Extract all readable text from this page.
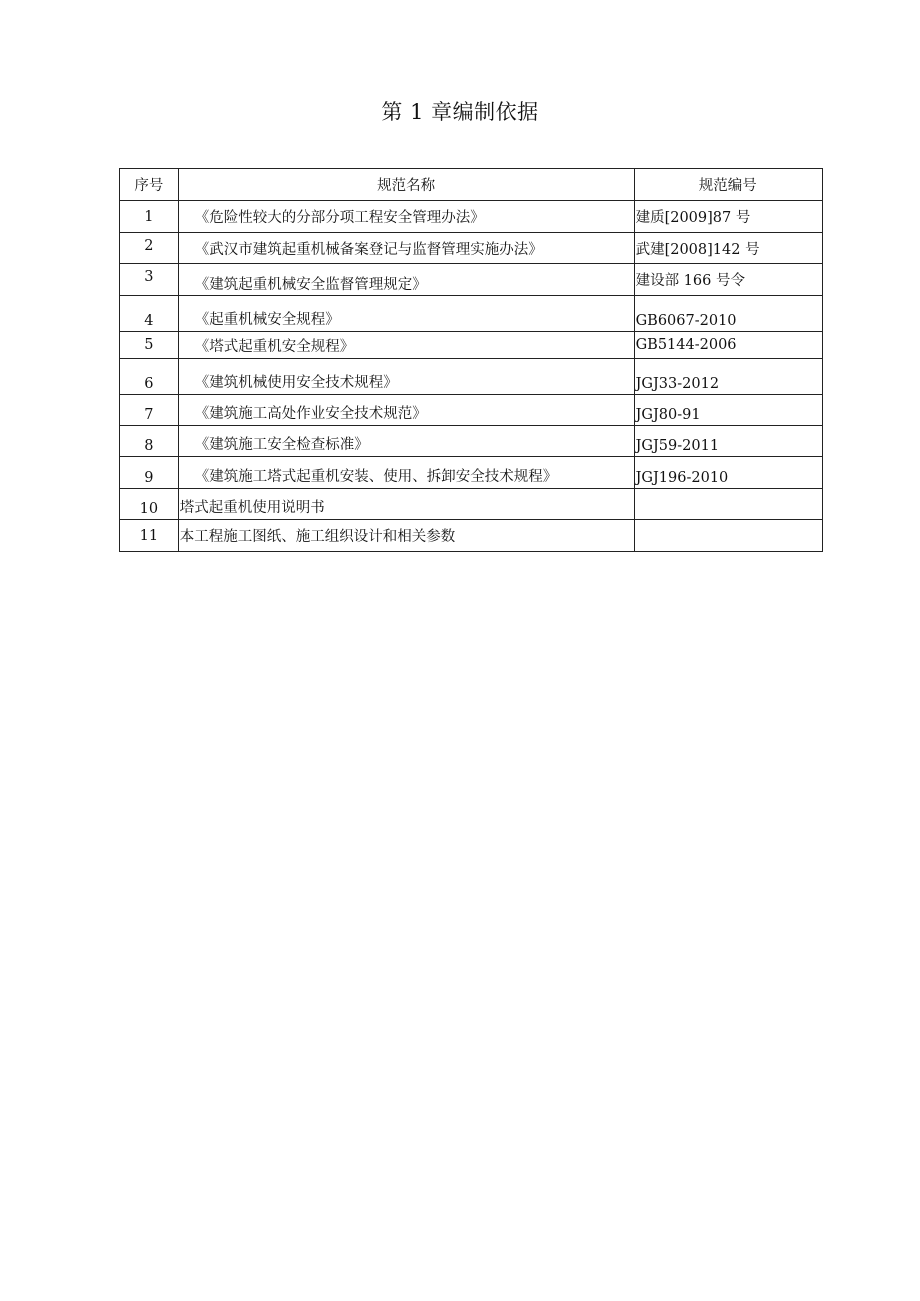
第 1 章编制依据
序号	规范名称	规范编号
1	《危险性较大的分部分项工程安全管理办法》	建质[2009]87 号
2	《武汉市建筑起重机械备案登记与监督管理实施办法》	武建[2008]142 号
3	《建筑起重机械安全监督管理规定》	建设部 166 号令
4	《起重机械安全规程》	GB6067-2010
5	《塔式起重机安全规程》	GB5144-2006
6	《建筑机械使用安全技术规程》	JGJ33-2012
7	《建筑施工高处作业安全技术规范》	JGJ80-91
8	《建筑施工安全检查标准》	JGJ59-2011
9	《建筑施工塔式起重机安装、使用、拆卸安全技术规程》	JGJ196-2010
10	塔式起重机使用说明书	
11	本工程施工图纸、施工组织设计和相关参数	
